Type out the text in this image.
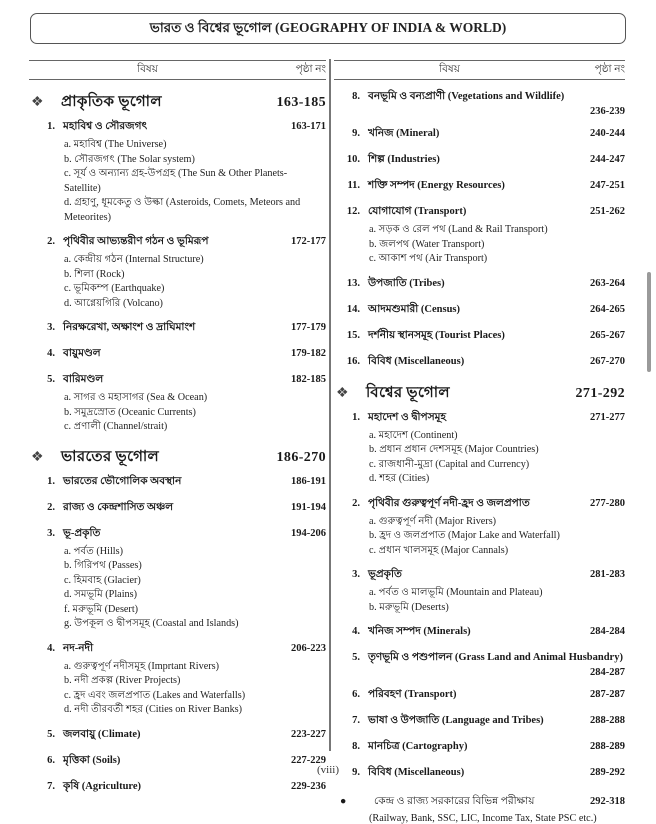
ভারত ও বিশ্বের ভূগোল (GEOGRAPHY OF INDIA & WORLD)
বিষয়	পৃষ্ঠা নং
❖	প্রাকৃতিক ভূগোল	163-185
1. মহাবিশ্ব ও সৌরজগৎ	163-171
a. মহাবিশ্ব (The Universe)
b. সৌরজগৎ (The Solar system)
c. সূর্য ও অন্যান্য গ্রহ-উপগ্রহ (The Sun & Other Planets- Satellite)
d. গ্রহাণু, ধূমকেতু ও উল্কা (Asteroids, Comets, Meteors and Meteorites)
2. পৃথিবীর আভ্যন্তরীণ গঠন ও ভূমিরূপ	172-177
a. কেন্দ্রীয় গঠন (Internal Structure)
b. শিলা (Rock)
c. ভূমিকম্প (Earthquake)
d. আগ্নেয়গিরি (Volcano)
3. নিরক্ষরেখা, অক্ষাংশ ও দ্রাঘিমাংশ	177-179
4. বায়ুমণ্ডল	179-182
5. বারিমণ্ডল	182-185
a. সাগর ও মহাসাগর (Sea & Ocean)
b. সমুদ্রস্রোত (Oceanic Currents)
c. প্রণালী (Channel/strait)
❖	ভারতের ভূগোল	186-270
1. ভারতের ভৌগোলিক অবস্থান	186-191
2. রাজ্য ও কেন্দ্রশাসিত অঞ্চল	191-194
3. ভূ-প্রকৃতি	194-206
a. পর্বত (Hills)
b. গিরিপথ (Passes)
c. হিমবাহ (Glacier)
d. সমভূমি (Plains)
f. মরুভূমি (Desert)
g. উপকূল ও দ্বীপসমূহ (Coastal and Islands)
4. নদ-নদী	206-223
a. গুরুত্বপূর্ণ নদীসমূহ (Imprtant Rivers)
b. নদী প্রকল্প (River Projects)
c. হ্রদ এবং জলপ্রপাত (Lakes and Waterfalls)
d. নদী তীরবর্তী শহর (Cities on River Banks)
5. জলবায়ু (Climate)	223-227
6. মৃত্তিকা (Soils)	227-229
7. কৃষি (Agriculture)	229-236
বিষয়	পৃষ্ঠা নং
8. বনভূমি ও বন্যপ্রাণী (Vegetations and Wildlife)
236-239
9. খনিজ (Mineral)	240-244
10. শিল্প (Industries)	244-247
11. শক্তি সম্পদ (Energy Resources)	247-251
12. যোগাযোগ (Transport)	251-262
a. সড়ক ও রেল পথ (Land & Rail Transport)
b. জলপথ (Water Transport)
c. আকাশ পথ (Air Transport)
13. উপজাতি (Tribes)	263-264
14. আদমশুমারী (Census)	264-265
15. দর্শনীয় স্থানসমূহ (Tourist Places)	265-267
16. বিবিধ (Miscellaneous)	267-270
❖	বিশ্বের ভূগোল	271-292
1. মহাদেশ ও দ্বীপসমূহ	271-277
a. মহাদেশ (Continent)
b. প্রধান প্রধান দেশসমূহ (Major Countries)
c. রাজধানী-মুদ্রা (Capital and Currency)
d. শহর (Cities)
2. পৃথিবীর গুরুত্বপূর্ণ নদী-হ্রদ ও জলপ্রপাত	277-280
a. গুরুত্বপূর্ণ নদী (Major Rivers)
b. হ্রদ ও জলপ্রপাত (Major Lake and Waterfall)
c. প্রধান খালসমূহ (Major Cannals)
3. ভূপ্রকৃতি	281-283
a. পর্বত ও মালভূমি (Mountain and Plateau)
b. মরুভূমি (Deserts)
4. খনিজ সম্পদ (Minerals)	284-284
5. তৃণভূমি ও পশুপালন (Grass Land and Animal Husbandry)
284-287
6. পরিবহণ (Transport)	287-287
7. ভাষা ও উপজাতি (Language and Tribes)	288-288
8. মানচিত্র (Cartography)	288-289
9. বিবিধ (Miscellaneous)	289-292
●	কেন্দ্র ও রাজ্য সরকারের বিভিন্ন পরীক্ষায়	292-318
(Railway, Bank, SSC, LIC, Income Tax, State PSC etc.)
(viii)
